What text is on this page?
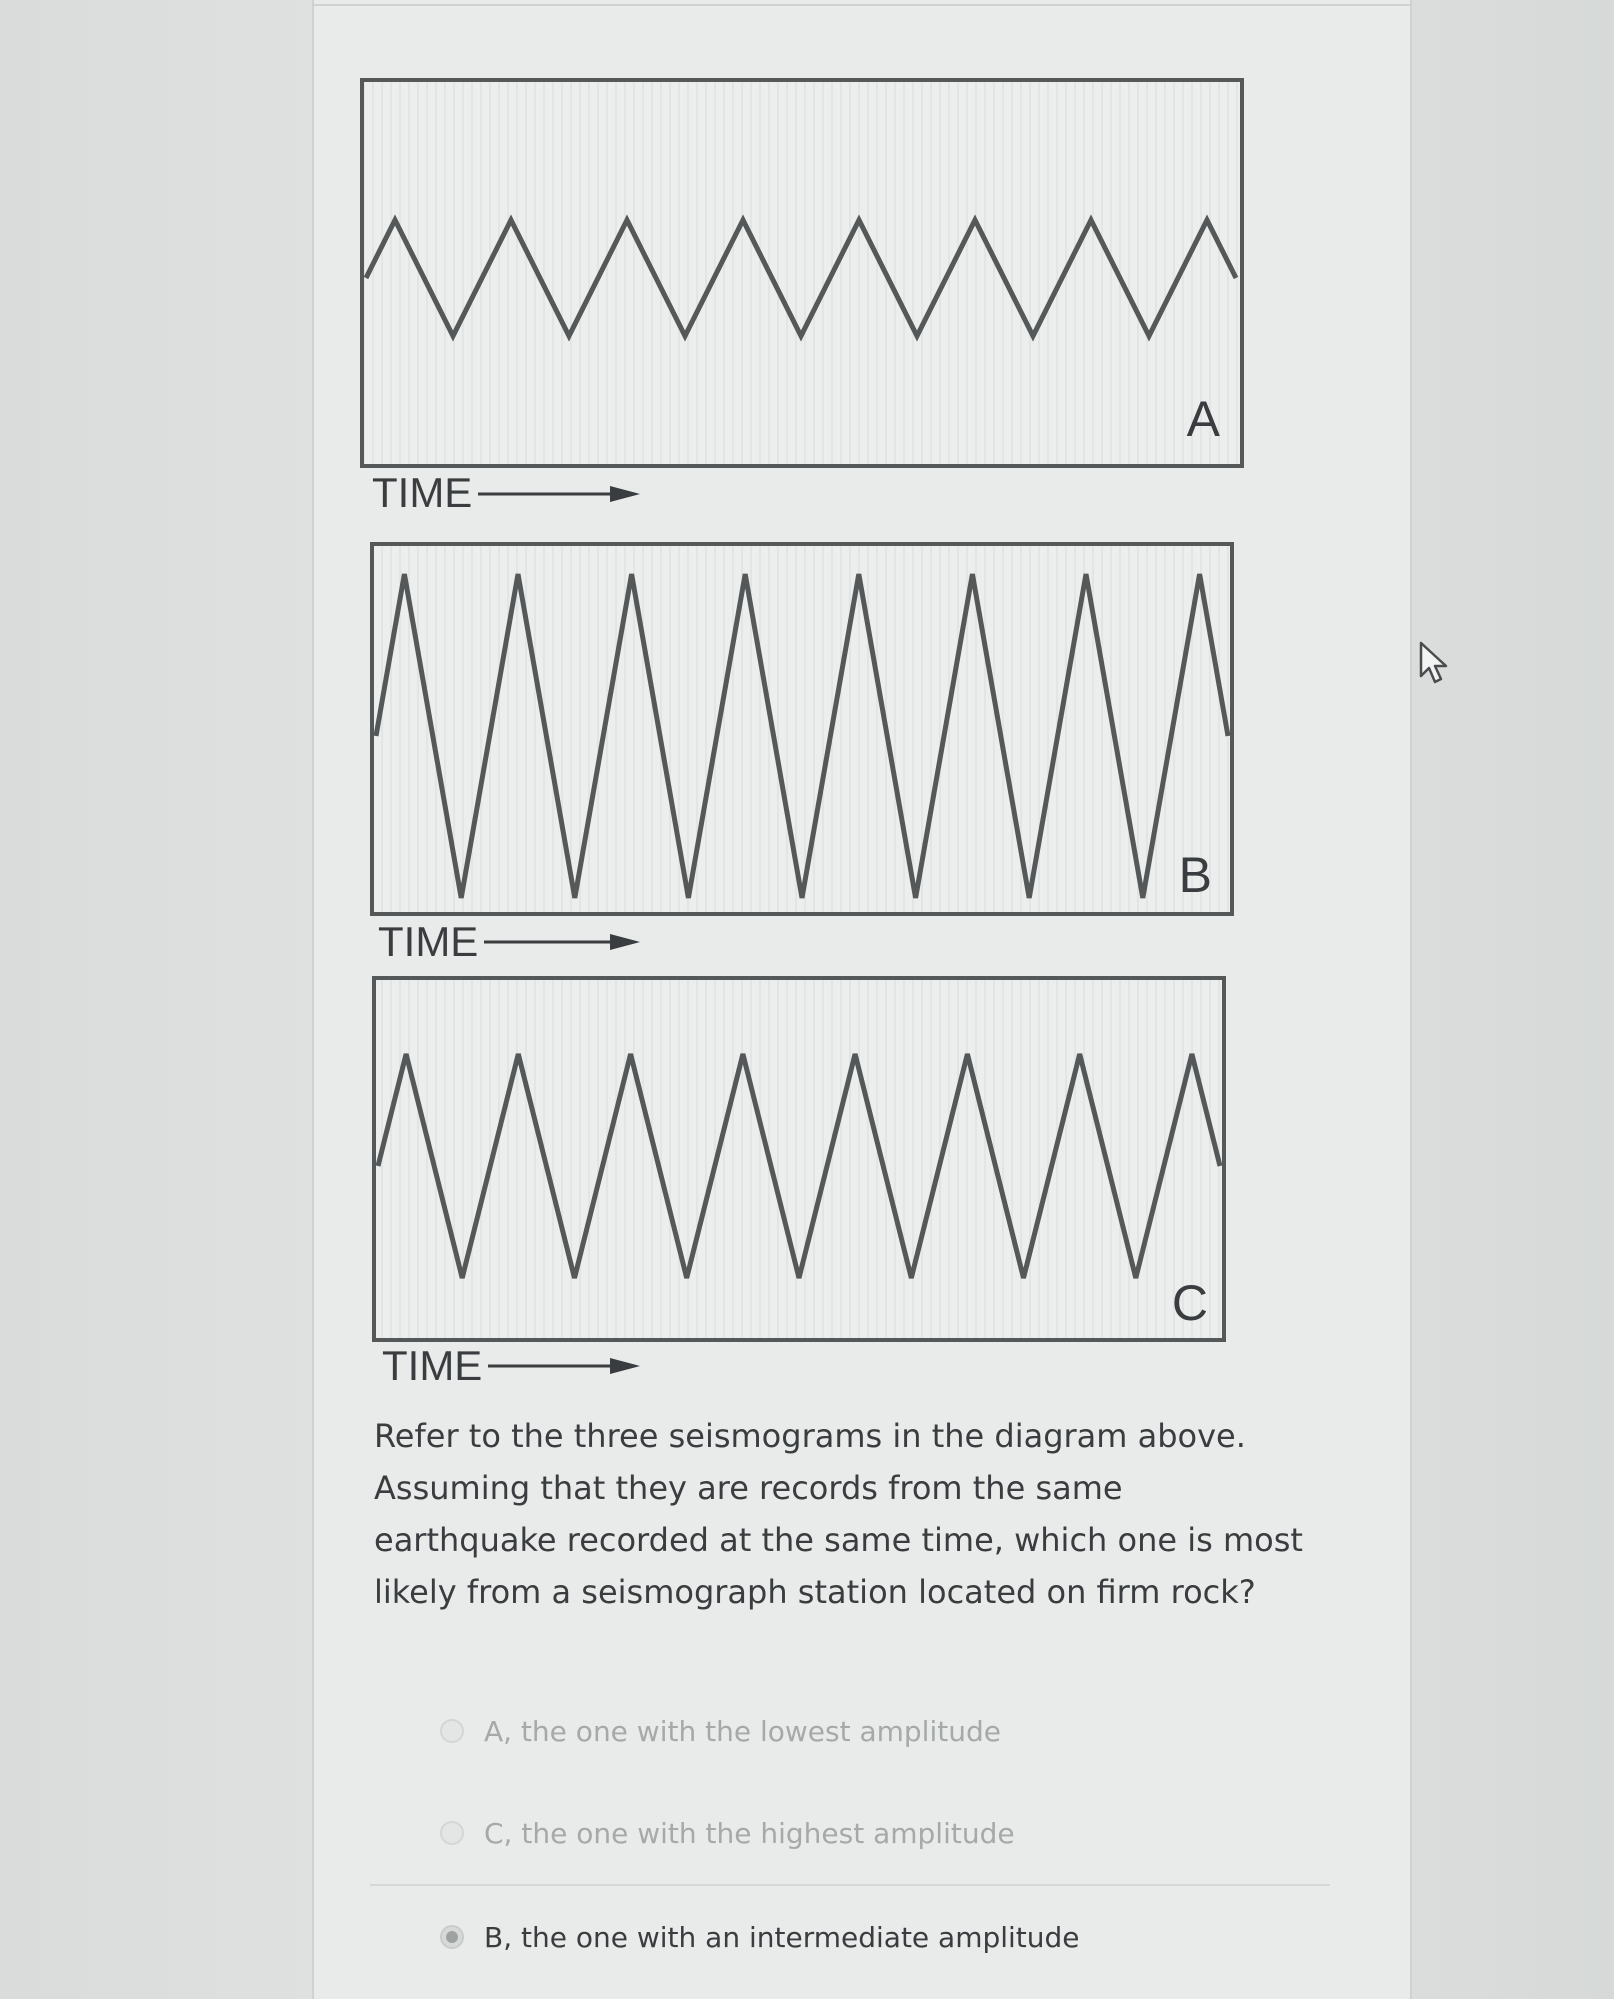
A
TIME
B
TIME
C
TIME

Refer to the three seismograms in the diagram above. Assuming that they are records from the same earthquake recorded at the same time, which one is most likely from a seismograph station located on firm rock?

A, the one with the lowest amplitude
C, the one with the highest amplitude
B, the one with an intermediate amplitude
